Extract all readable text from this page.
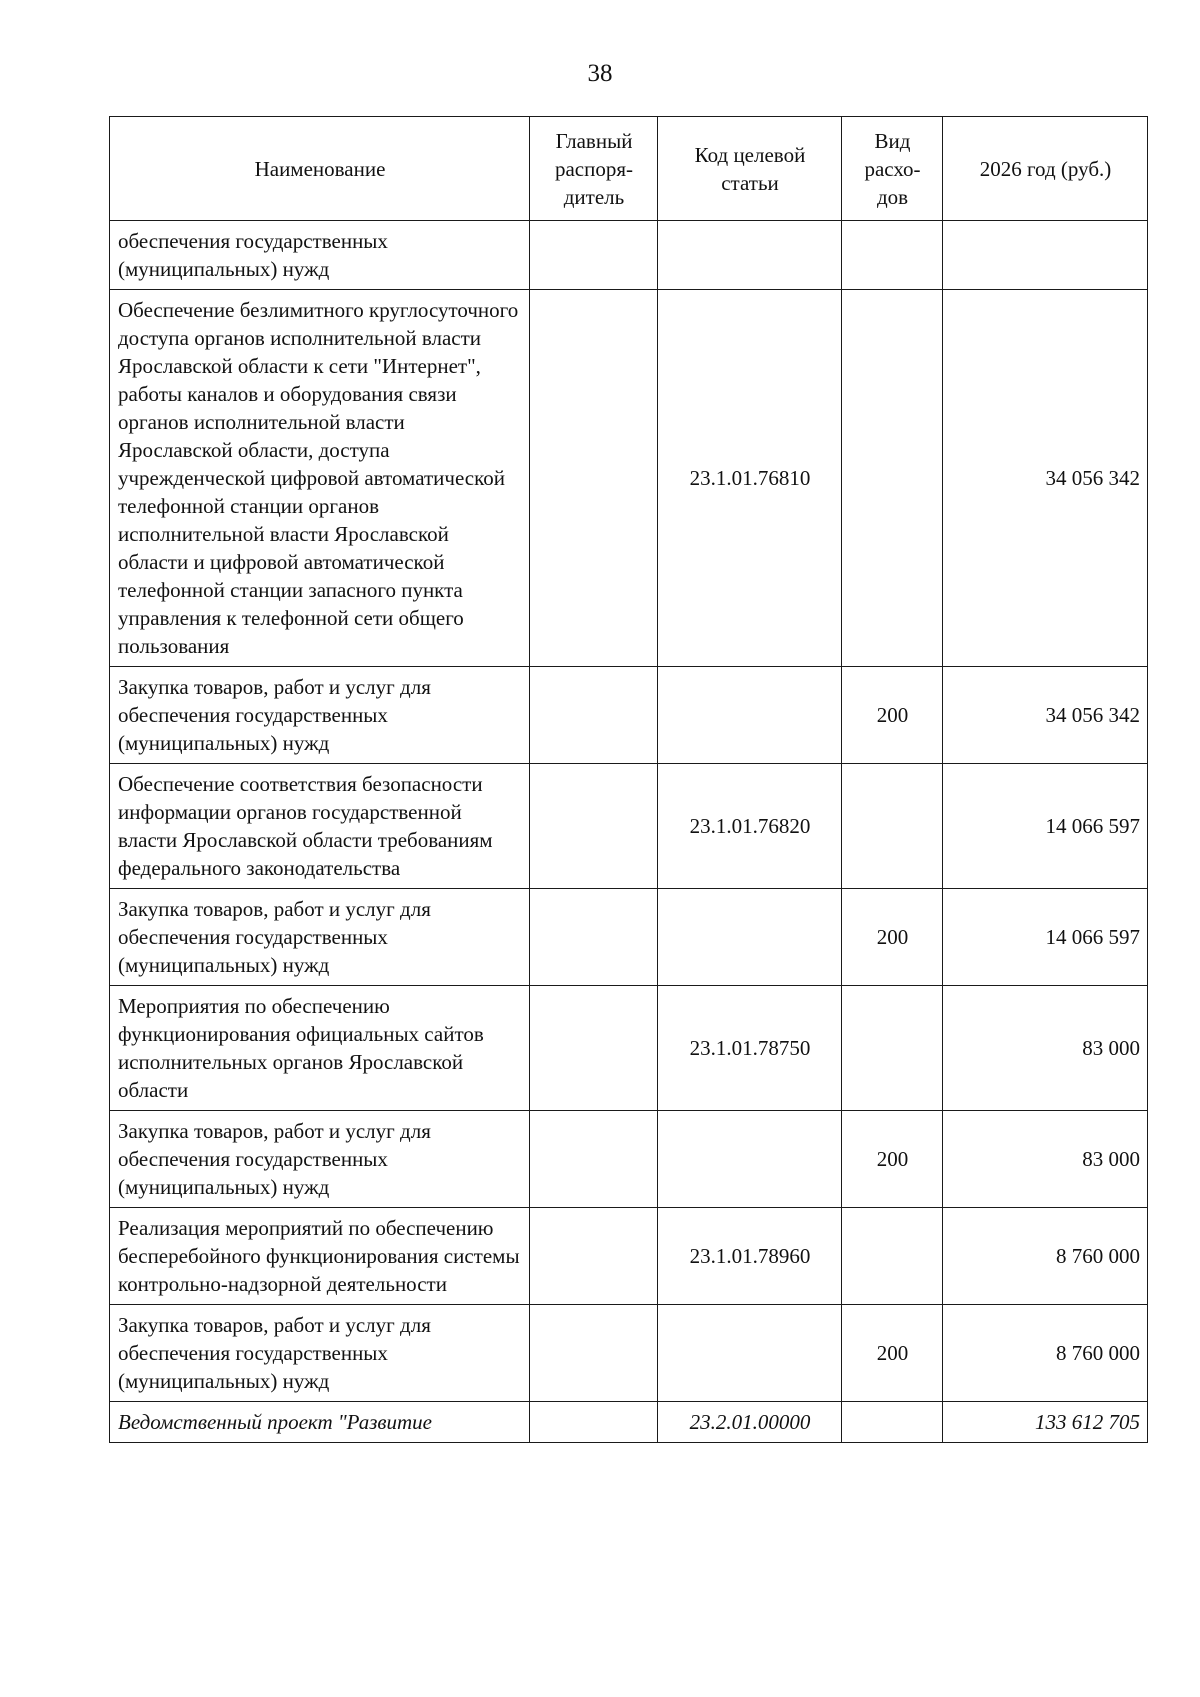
38
Наименование	Главный распоря-дитель	Код целевой статьи	Вид расхо-дов	2026 год (руб.)
обеспечения государственных (муниципальных) нужд				
Обеспечение безлимитного круглосуточного доступа органов исполнительной власти Ярославской области к сети "Интернет", работы каналов и оборудования связи органов исполнительной власти Ярославской области, доступа учрежденческой цифровой автоматической телефонной станции органов исполнительной власти Ярославской области и цифровой автоматической телефонной станции запасного пункта управления к телефонной сети общего пользования		23.1.01.76810		34 056 342
Закупка товаров, работ и услуг для обеспечения государственных (муниципальных) нужд			200	34 056 342
Обеспечение соответствия безопасности информации органов государственной власти Ярославской области требованиям федерального законодательства		23.1.01.76820		14 066 597
Закупка товаров, работ и услуг для обеспечения государственных (муниципальных) нужд			200	14 066 597
Мероприятия по обеспечению функционирования официальных сайтов исполнительных органов Ярославской области		23.1.01.78750		83 000
Закупка товаров, работ и услуг для обеспечения государственных (муниципальных) нужд			200	83 000
Реализация мероприятий по обеспечению бесперебойного функционирования системы контрольно-надзорной деятельности		23.1.01.78960		8 760 000
Закупка товаров, работ и услуг для обеспечения государственных (муниципальных) нужд			200	8 760 000
Ведомственный проект "Развитие		23.2.01.00000		133 612 705
